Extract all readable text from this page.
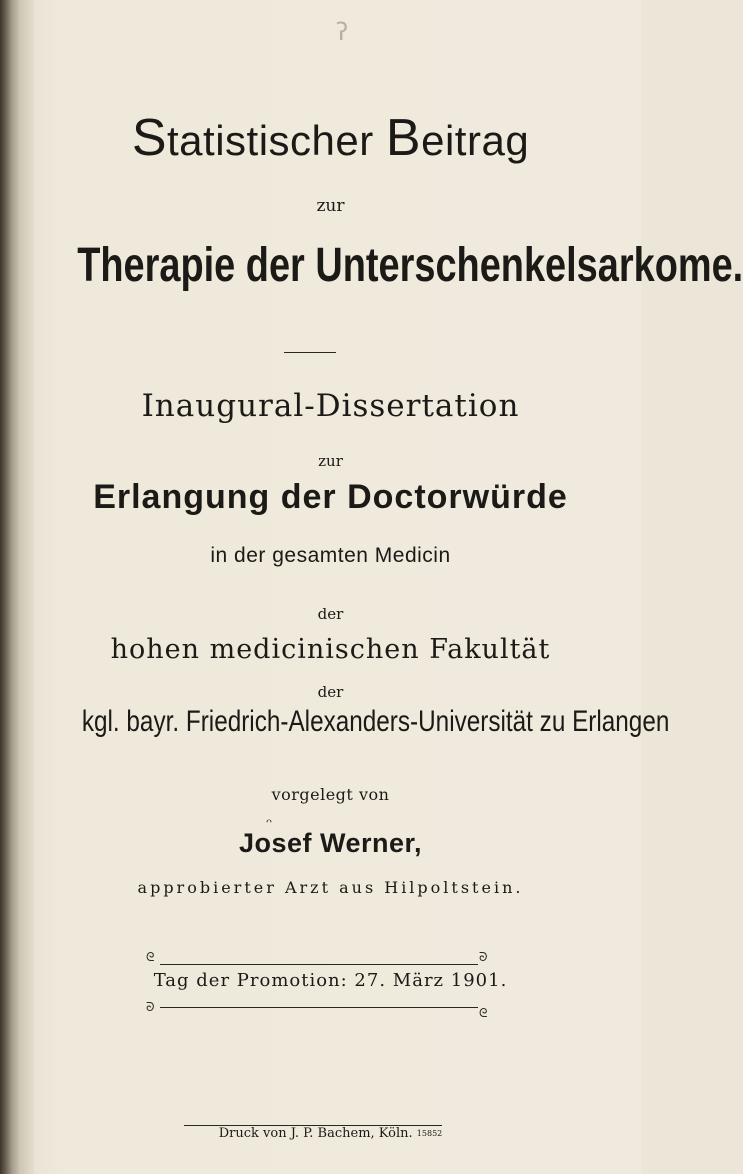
ʔ
Statistischer Beitrag
zur
Therapie der Unterschenkelsarkome.
Inaugural-Dissertation
zur
Erlangung der Doctorwürde
in der gesamten Medicin
der
hohen medicinischen Fakultät
der
kgl. bayr. Friedrich-Alexanders-Universität zu Erlangen
vorgelegt von
ᴖ
Josef Werner,
approbierter Arzt aus Hilpoltstein.
ᘓ	ᘐ
Tag der Promotion: 27. März 1901.
ᘐ	ᘓ
Druck von J. P. Bachem, Köln. 15852
